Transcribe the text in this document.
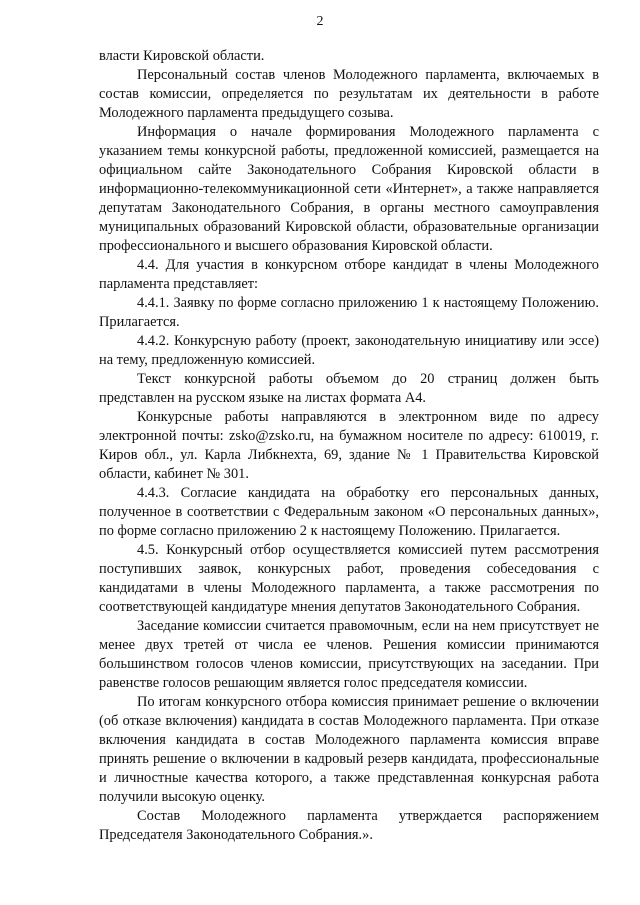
2

власти Кировской области.

Персональный состав членов Молодежного парламента, включаемых в состав комиссии, определяется по результатам их деятельности в работе Молодежного парламента предыдущего созыва.

Информация о начале формирования Молодежного парламента с указанием темы конкурсной работы, предложенной комиссией, размещается на официальном сайте Законодательного Собрания Кировской области в информационно-телекоммуникационной сети «Интернет», а также направляется депутатам Законодательного Собрания, в органы местного самоуправления муниципальных образований Кировской области, образовательные организации профессионального и высшего образования Кировской области.

4.4. Для участия в конкурсном отборе кандидат в члены Молодежного парламента представляет:

4.4.1. Заявку по форме согласно приложению 1 к настоящему Положению. Прилагается.

4.4.2. Конкурсную работу (проект, законодательную инициативу или эссе) на тему, предложенную комиссией.

Текст конкурсной работы объемом до 20 страниц должен быть представлен на русском языке на листах формата А4.

Конкурсные работы направляются в электронном виде по адресу электронной почты: zsko@zsko.ru, на бумажном носителе по адресу: 610019, г. Киров обл., ул. Карла Либкнехта, 69, здание № 1 Правительства Кировской области, кабинет № 301.

4.4.3. Согласие кандидата на обработку его персональных данных, полученное в соответствии с Федеральным законом «О персональных данных», по форме согласно приложению 2 к настоящему Положению. Прилагается.

4.5. Конкурсный отбор осуществляется комиссией путем рассмотрения поступивших заявок, конкурсных работ, проведения собеседования с кандидатами в члены Молодежного парламента, а также рассмотрения по соответствующей кандидатуре мнения депутатов Законодательного Собрания.

Заседание комиссии считается правомочным, если на нем присутствует не менее двух третей от числа ее членов. Решения комиссии принимаются большинством голосов членов комиссии, присутствующих на заседании. При равенстве голосов решающим является голос председателя комиссии.

По итогам конкурсного отбора комиссия принимает решение о включении (об отказе включения) кандидата в состав Молодежного парламента. При отказе включения кандидата в состав Молодежного парламента комиссия вправе принять решение о включении в кадровый резерв кандидата, профессиональные и личностные качества которого, а также представленная конкурсная работа получили высокую оценку.

Состав Молодежного парламента утверждается распоряжением Председателя Законодательного Собрания.».
